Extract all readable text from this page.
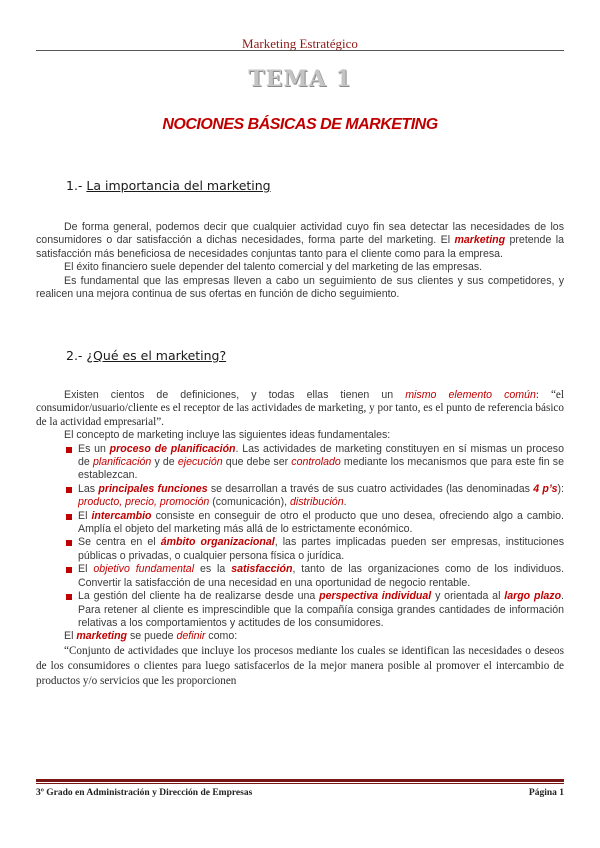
Marketing Estratégico
TEMA 1
NOCIONES BÁSICAS DE MARKETING
1.- La importancia del marketing

De forma general, podemos decir que cualquier actividad cuyo fin sea detectar las necesidades de los consumidores o dar satisfacción a dichas necesidades, forma parte del marketing. El marketing pretende la satisfacción más beneficiosa de necesidades conjuntas tanto para el cliente como para la empresa.

El éxito financiero suele depender del talento comercial y del marketing de las empresas.

Es fundamental que las empresas lleven a cabo un seguimiento de sus clientes y sus competidores, y realicen una mejora continua de sus ofertas en función de dicho seguimiento.

2.- ¿Qué es el marketing?

Existen cientos de definiciones, y todas ellas tienen un mismo elemento común: “el consumidor/usuario/cliente es el receptor de las actividades de marketing, y por tanto, es el punto de referencia básico de la actividad empresarial”.

El concepto de marketing incluye las siguientes ideas fundamentales:

Es un proceso de planificación. Las actividades de marketing constituyen en sí mismas un proceso de planificación y de ejecución que debe ser controlado mediante los mecanismos que para este fin se establezcan.
Las principales funciones se desarrollan a través de sus cuatro actividades (las denominadas 4 p’s): producto, precio, promoción (comunicación), distribución.
El intercambio consiste en conseguir de otro el producto que uno desea, ofreciendo algo a cambio. Amplía el objeto del marketing más allá de lo estrictamente económico.
Se centra en el ámbito organizacional, las partes implicadas pueden ser empresas, instituciones públicas o privadas, o cualquier persona física o jurídica.
El objetivo fundamental es la satisfacción, tanto de las organizaciones como de los individuos. Convertir la satisfacción de una necesidad en una oportunidad de negocio rentable.
La gestión del cliente ha de realizarse desde una perspectiva individual y orientada al largo plazo. Para retener al cliente es imprescindible que la compañía consiga grandes cantidades de información relativas a los comportamientos y actitudes de los consumidores.

El marketing se puede definir como:

“Conjunto de actividades que incluye los procesos mediante los cuales se identifican las necesidades o deseos de los consumidores o clientes para luego satisfacerlos de la mejor manera posible al promover el intercambio de productos y/o servicios que les proporcionen

3º Grado en Administración y Dirección de Empresas	Página 1
